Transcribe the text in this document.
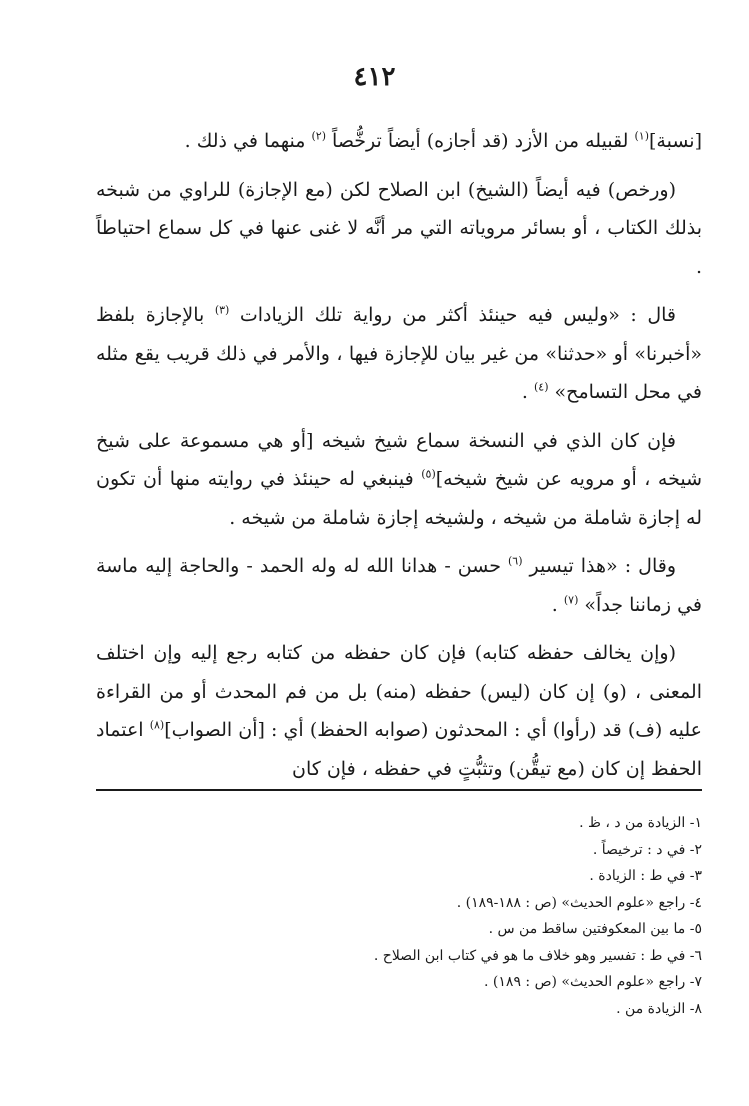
٤١٢

[نسبة]$^{(١)}$ لقبيله من الأزد (قد أجازه) أيضاً ترخُّصاً $^{(٢)}$ منهما في ذلك .

(ورخص) فيه أيضاً (الشيخ) ابن الصلاح لكن (مع الإجازة) للراوي من شبخه بذلك الكتاب ، أو بسائر مروياته التي مر أنَّه لا غنى عنها في كل سماع احتياطاً .

قال : «وليس فيه حينئذ أكثر من رواية تلك الزيادات $^{(٣)}$ بالإجازة بلفظ «أخبرنا» أو «حدثنا» من غير بيان للإجازة فيها ، والأمر في ذلك قريب يقع مثله في محل التسامح» $^{(٤)}$ .

فإن كان الذي في النسخة سماع شيخ شيخه [أو هي مسموعة على شيخ شيخه ، أو مرويه عن شيخ شيخه]$^{(٥)}$ فينبغي له حينئذ في روايته منها أن تكون له إجازة شاملة من شيخه ، ولشيخه إجازة شاملة من شيخه .

وقال : «هذا تيسير $^{(٦)}$ حسن - هدانا الله له وله الحمد - والحاجة إليه ماسة في زماننا جداً» $^{(٧)}$ .

(وإن يخالف حفظه كتابه) فإن كان حفظه من كتابه رجع إليه وإن اختلف المعنى ، (و) إن كان (ليس) حفظه (منه) بل من فم المحدث أو من القراءة عليه (ف) قد (رأوا) أي : المحدثون (صوابه الحفظ) أي : [أن الصواب]$^{(٨)}$ اعتماد الحفظ إن كان (مع تيقُّن) وتثبُّتٍ في حفظه ، فإن كان

١- الزيادة من د ، ظ .
٢- في د : ترخيصاً .
٣- في ط : الزيادة .
٤- راجع «علوم الحديث» (ص : ١٨٨-١٨٩) .
٥- ما بين المعكوفتين ساقط من س .
٦- في ط : تفسير وهو خلاف ما هو في كتاب ابن الصلاح .
٧- راجع «علوم الحديث» (ص : ١٨٩) .
٨- الزيادة من .
